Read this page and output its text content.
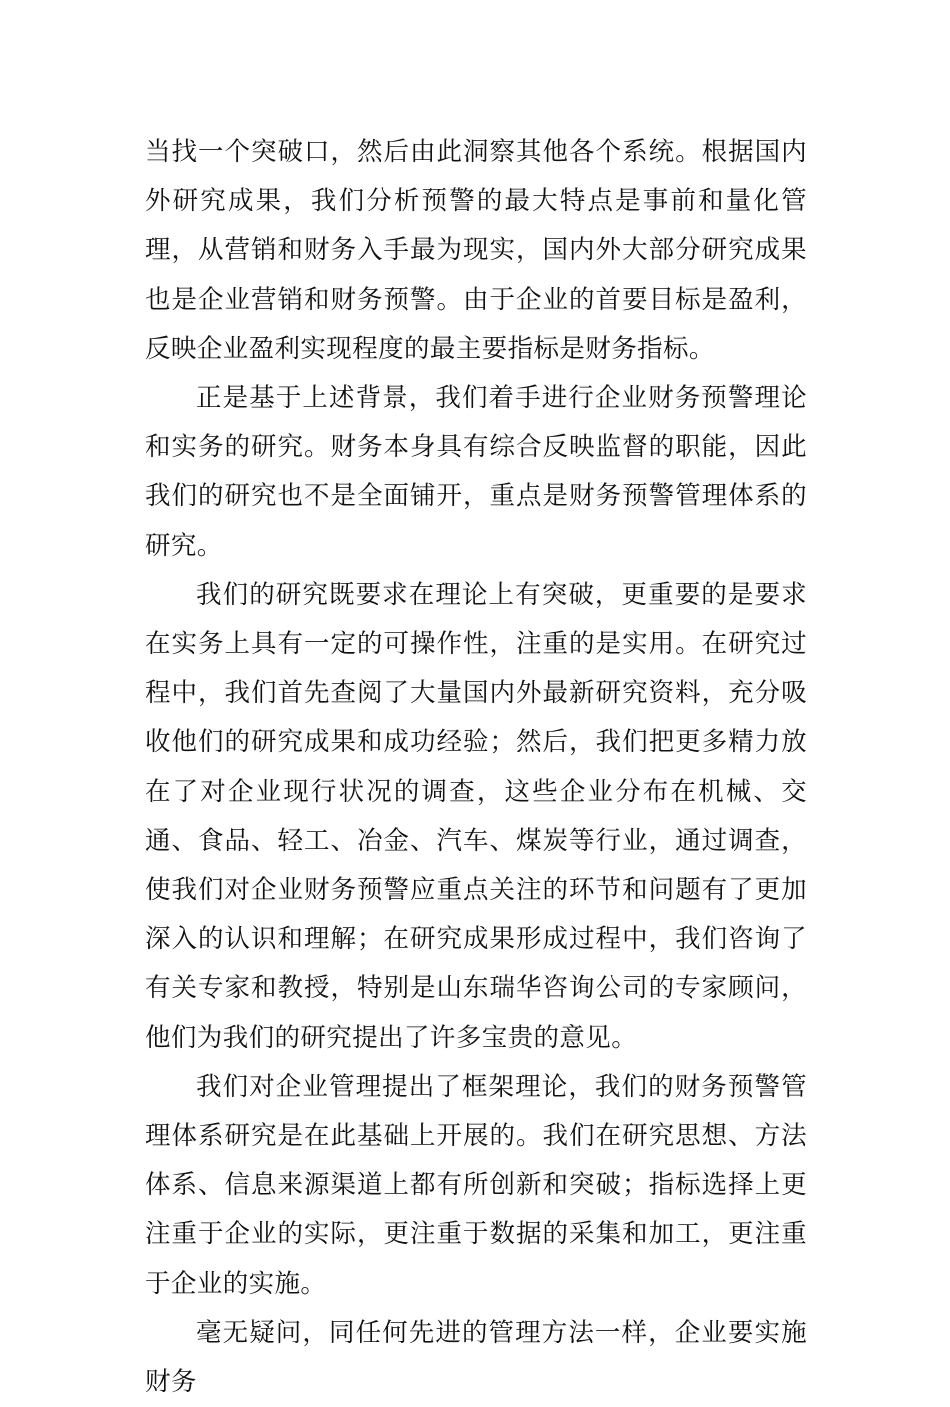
当找一个突破口，然后由此洞察其他各个系统。根据国内外研究成果，我们分析预警的最大特点是事前和量化管理，从营销和财务入手最为现实，国内外大部分研究成果也是企业营销和财务预警。由于企业的首要目标是盈利，反映企业盈利实现程度的最主要指标是财务指标。

正是基于上述背景，我们着手进行企业财务预警理论和实务的研究。财务本身具有综合反映监督的职能，因此我们的研究也不是全面铺开，重点是财务预警管理体系的研究。

我们的研究既要求在理论上有突破，更重要的是要求在实务上具有一定的可操作性，注重的是实用。在研究过程中，我们首先查阅了大量国内外最新研究资料，充分吸收他们的研究成果和成功经验；然后，我们把更多精力放在了对企业现行状况的调查，这些企业分布在机械、交通、食品、轻工、冶金、汽车、煤炭等行业，通过调查，使我们对企业财务预警应重点关注的环节和问题有了更加深入的认识和理解；在研究成果形成过程中，我们咨询了有关专家和教授，特别是山东瑞华咨询公司的专家顾问，他们为我们的研究提出了许多宝贵的意见。

我们对企业管理提出了框架理论，我们的财务预警管理体系研究是在此基础上开展的。我们在研究思想、方法体系、信息来源渠道上都有所创新和突破；指标选择上更注重于企业的实际，更注重于数据的采集和加工，更注重于企业的实施。

毫无疑问，同任何先进的管理方法一样，企业要实施财务
